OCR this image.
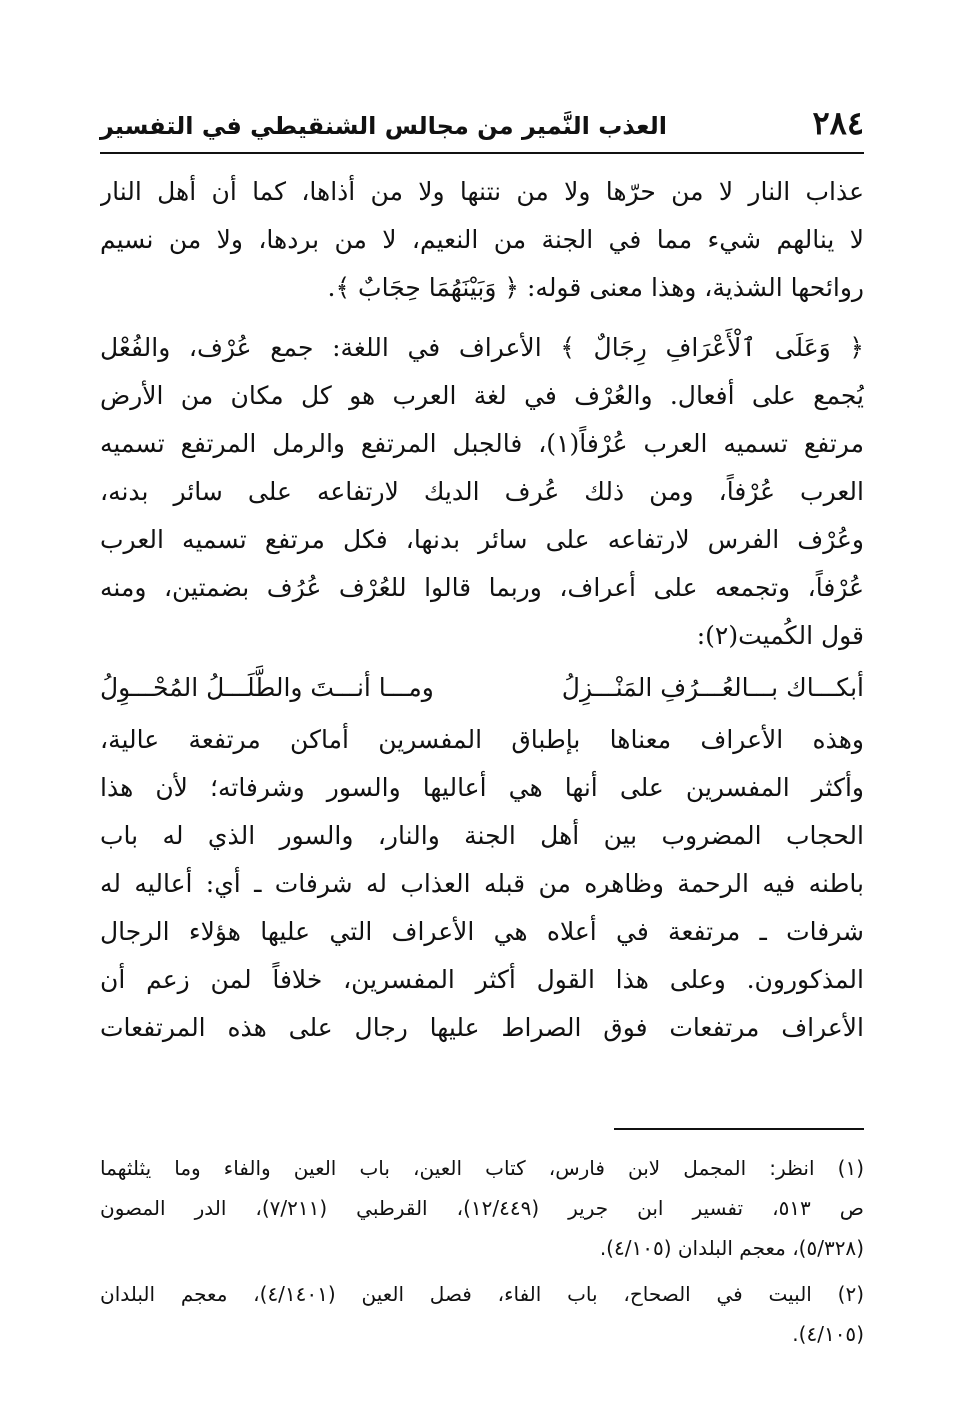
٢٨٤
العذب النَّمير من مجالس الشنقيطي في التفسير
عذاب النار لا من حرّها ولا من نتنها ولا من أذاها، كما أن أهل النار
لا ينالهم شيء مما في الجنة من النعيم، لا من بردها، ولا من نسيم
روائحها الشذية، وهذا معنى قوله: ﴿ وَبَيْنَهُمَا حِجَابٌ ﴾.
﴿ وَعَلَى ٱلْأَعْرَافِ رِجَالٌ ﴾ الأعراف في اللغة: جمع عُرْف، والفُعْل
يُجمع على أفعال. والعُرْف في لغة العرب هو كل مكان من الأرض
مرتفع تسميه العرب عُرْفاً(١)، فالجبل المرتفع والرمل المرتفع تسميه
العرب عُرْفاً، ومن ذلك عُرف الديك لارتفاعه على سائر بدنه،
وعُرْف الفرس لارتفاعه على سائر بدنها، فكل مرتفع تسميه العرب
عُرْفاً، وتجمعه على أعراف، وربما قالوا للعُرْف عُرُف بضمتين، ومنه
قول الكُميت(٢):
أبكـــاك بـــالعُـــرُفِ المَنْـــزِلُ
ومـــا أنـــتَ والطَّلَـــلُ المُحْـــوِلُ
وهذه الأعراف معناها بإطباق المفسرين أماكن مرتفعة عالية،
وأكثر المفسرين على أنها هي أعاليها والسور وشرفاته؛ لأن هذا
الحجاب المضروب بين أهل الجنة والنار، والسور الذي له باب
باطنه فيه الرحمة وظاهره من قبله العذاب له شرفات ـ أي: أعاليه له
شرفات ـ مرتفعة في أعلاه هي الأعراف التي عليها هؤلاء الرجال
المذكورون. وعلى هذا القول أكثر المفسرين، خلافاً لمن زعم أن
الأعراف مرتفعات فوق الصراط عليها رجال على هذه المرتفعات
(١) انظر: المجمل لابن فارس، كتاب العين، باب العين والفاء وما يثلثهما
ص ٥١٣، تفسير ابن جرير (١٢/٤٤٩)، القرطبي (٧/٢١١)، الدر المصون
(٥/٣٢٨)، معجم البلدان (٤/١٠٥).
(٢) البيت في الصحاح، باب الفاء، فصل العين (٤/١٤٠١)، معجم البلدان
(٤/١٠٥).
